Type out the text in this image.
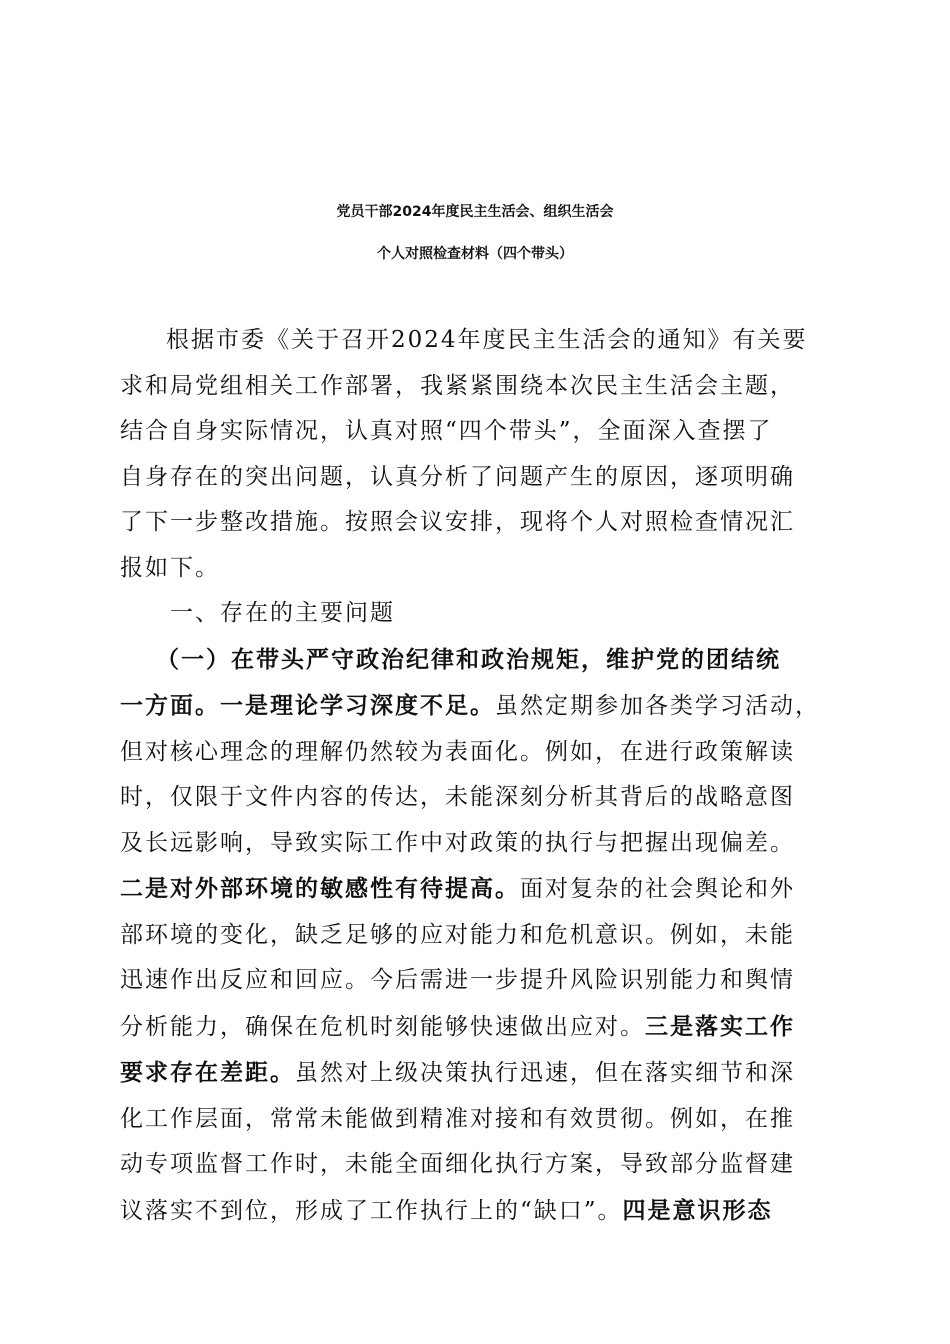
党员干部2024年度民主生活会、组织生活会
个人对照检查材料（四个带头）
根据市委《关于召开2024年度民主生活会的通知》有关要
求和局党组相关工作部署，我紧紧围绕本次民主生活会主题，
结合自身实际情况，认真对照“四个带头”，全面深入查摆了
自身存在的突出问题，认真分析了问题产生的原因，逐项明确
了下一步整改措施。按照会议安排，现将个人对照检查情况汇
报如下。
一、存在的主要问题
（一）在带头严守政治纪律和政治规矩，维护党的团结统
一方面。一是理论学习深度不足。虽然定期参加各类学习活动，
但对核心理念的理解仍然较为表面化。例如，在进行政策解读
时，仅限于文件内容的传达，未能深刻分析其背后的战略意图
及长远影响，导致实际工作中对政策的执行与把握出现偏差。
二是对外部环境的敏感性有待提高。面对复杂的社会舆论和外
部环境的变化，缺乏足够的应对能力和危机意识。例如，未能
迅速作出反应和回应。今后需进一步提升风险识别能力和舆情
分析能力，确保在危机时刻能够快速做出应对。三是落实工作
要求存在差距。虽然对上级决策执行迅速，但在落实细节和深
化工作层面，常常未能做到精准对接和有效贯彻。例如，在推
动专项监督工作时，未能全面细化执行方案，导致部分监督建
议落实不到位，形成了工作执行上的“缺口”。四是意识形态
